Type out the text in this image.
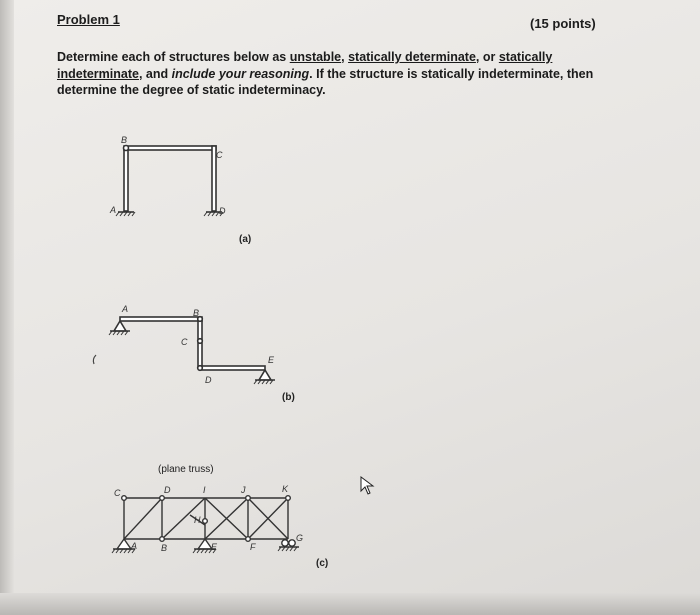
Problem 1	(15 points)
Determine each of structures below as unstable, statically determinate, or statically indeterminate, and include your reasoning. If the structure is statically indeterminate, then determine the degree of static indeterminacy.
B
C
A	D
(a)
A	B
C
D
E
(b)
(plane truss)
C	D	I	J	K
H
G
A	B	E	F
(c)
